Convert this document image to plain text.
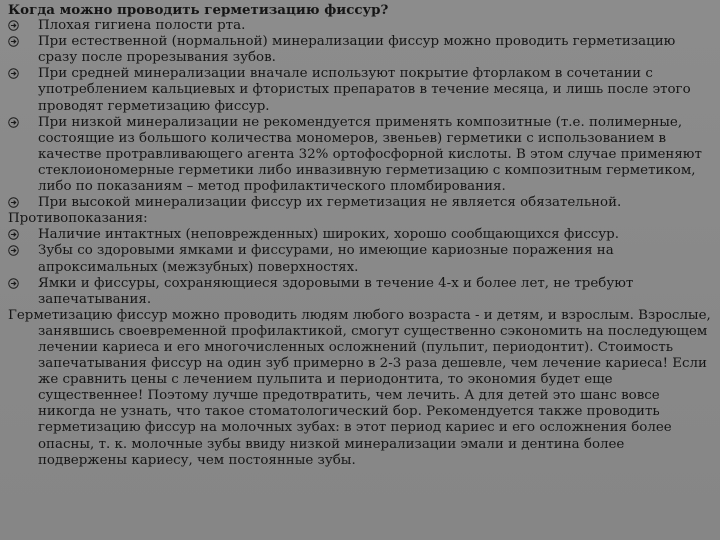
Когда можно проводить герметизацию фиссур?

Плохая гигиена полости рта.
При естественной (нормальной) минерализации фиссур можно проводить герметизацию сразу после прорезывания зубов.
При средней минерализации вначале используют покрытие фторлаком в сочетании с употреблением кальциевых и фтористых препаратов в течение месяца, и лишь после этого проводят герметизацию фиссур.
При низкой минерализации не рекомендуется применять композитные (т.е. полимерные, состоящие из большого количества мономеров, звеньев) герметики с использованием в качестве протравливающего агента 32% ортофосфорной кислоты. В этом случае применяют стеклоиономерные герметики либо инвазивную герметизацию с композитным герметиком, либо по показаниям – метод профилактического пломбирования.
При высокой минерализации фиссур их герметизация не является обязательной.

Противопоказания:

Наличие интактных (неповрежденных) широких, хорошо сообщающихся фиссур.
Зубы со здоровыми ямками и фиссурами, но имеющие кариозные поражения на апроксимальных (межзубных) поверхностях.
Ямки и фиссуры, сохраняющиеся здоровыми в течение 4-х и более лет, не требуют запечатывания.

Герметизацию фиссур можно проводить людям любого возраста - и детям, и взрослым. Взрослые, занявшись своевременной профилактикой, смогут существенно сэкономить на последующем лечении кариеса и его многочисленных осложнений (пульпит, периодонтит). Стоимость запечатывания фиссур на один зуб примерно в 2-3 раза дешевле, чем лечение кариеса! Если же сравнить цены с лечением пульпита и периодонтита, то экономия будет еще существеннее! Поэтому лучше предотвратить, чем лечить. А для детей это шанс вовсе никогда не узнать, что такое стоматологический бор. Рекомендуется также проводить герметизацию фиссур на молочных зубах: в этот период кариес и его осложнения более опасны, т. к. молочные зубы ввиду низкой минерализации эмали и дентина более подвержены кариесу, чем постоянные зубы.
